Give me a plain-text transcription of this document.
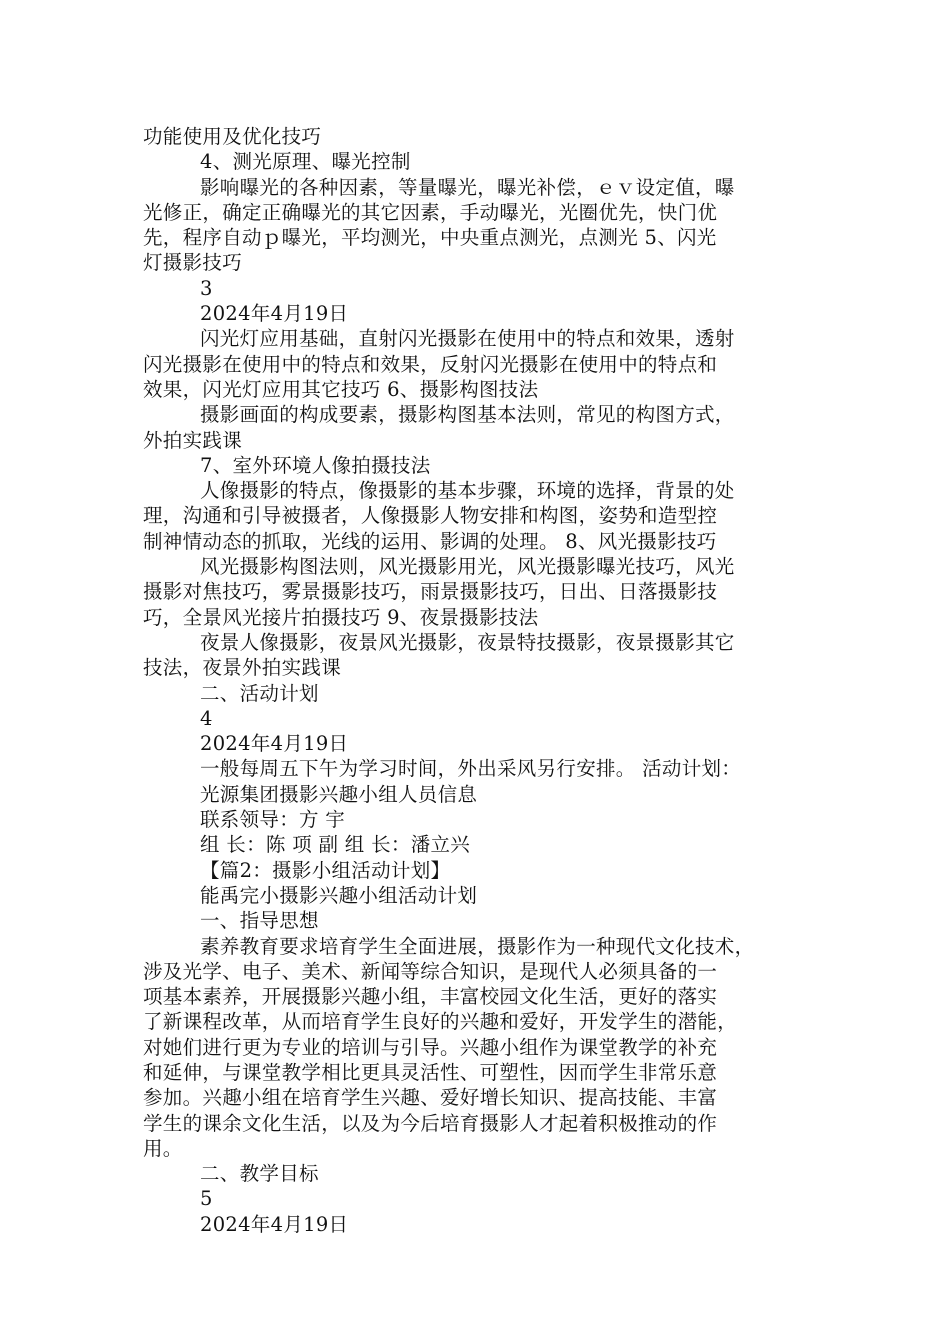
功能使用及优化技巧
4、测光原理、曝光控制
影响曝光的各种因素，等量曝光，曝光补偿，ｅｖ设定值，曝
光修正，确定正确曝光的其它因素，手动曝光，光圈优先，快门优
先，程序自动ｐ曝光，平均测光，中央重点测光，点测光 5、闪光
灯摄影技巧
3
2024年4月19日
闪光灯应用基础，直射闪光摄影在使用中的特点和效果，透射
闪光摄影在使用中的特点和效果，反射闪光摄影在使用中的特点和
效果，闪光灯应用其它技巧 6、摄影构图技法
摄影画面的构成要素，摄影构图基本法则，常见的构图方式，
外拍实践课
7、室外环境人像拍摄技法
人像摄影的特点，像摄影的基本步骤，环境的选择，背景的处
理，沟通和引导被摄者，人像摄影人物安排和构图，姿势和造型控
制神情动态的抓取，光线的运用、影调的处理。 8、风光摄影技巧
风光摄影构图法则，风光摄影用光，风光摄影曝光技巧，风光
摄影对焦技巧，雾景摄影技巧，雨景摄影技巧，日出、日落摄影技
巧，全景风光接片拍摄技巧 9、夜景摄影技法
夜景人像摄影，夜景风光摄影，夜景特技摄影，夜景摄影其它
技法，夜景外拍实践课
二、活动计划
4
2024年4月19日
一般每周五下午为学习时间，外出采风另行安排。 活动计划：
光源集团摄影兴趣小组人员信息
联系领导：方 宇
组 长：陈 项 副 组 长：潘立兴
【篇2：摄影小组活动计划】
能禹完小摄影兴趣小组活动计划
一、指导思想
素养教育要求培育学生全面进展，摄影作为一种现代文化技术，
涉及光学、电子、美术、新闻等综合知识，是现代人必须具备的一
项基本素养，开展摄影兴趣小组，丰富校园文化生活，更好的落实
了新课程改革，从而培育学生良好的兴趣和爱好，开发学生的潜能，
对她们进行更为专业的培训与引导。兴趣小组作为课堂教学的补充
和延伸，与课堂教学相比更具灵活性、可塑性，因而学生非常乐意
参加。兴趣小组在培育学生兴趣、爱好增长知识、提高技能、丰富
学生的课余文化生活，以及为今后培育摄影人才起着积极推动的作
用。
二、教学目标
5
2024年4月19日
